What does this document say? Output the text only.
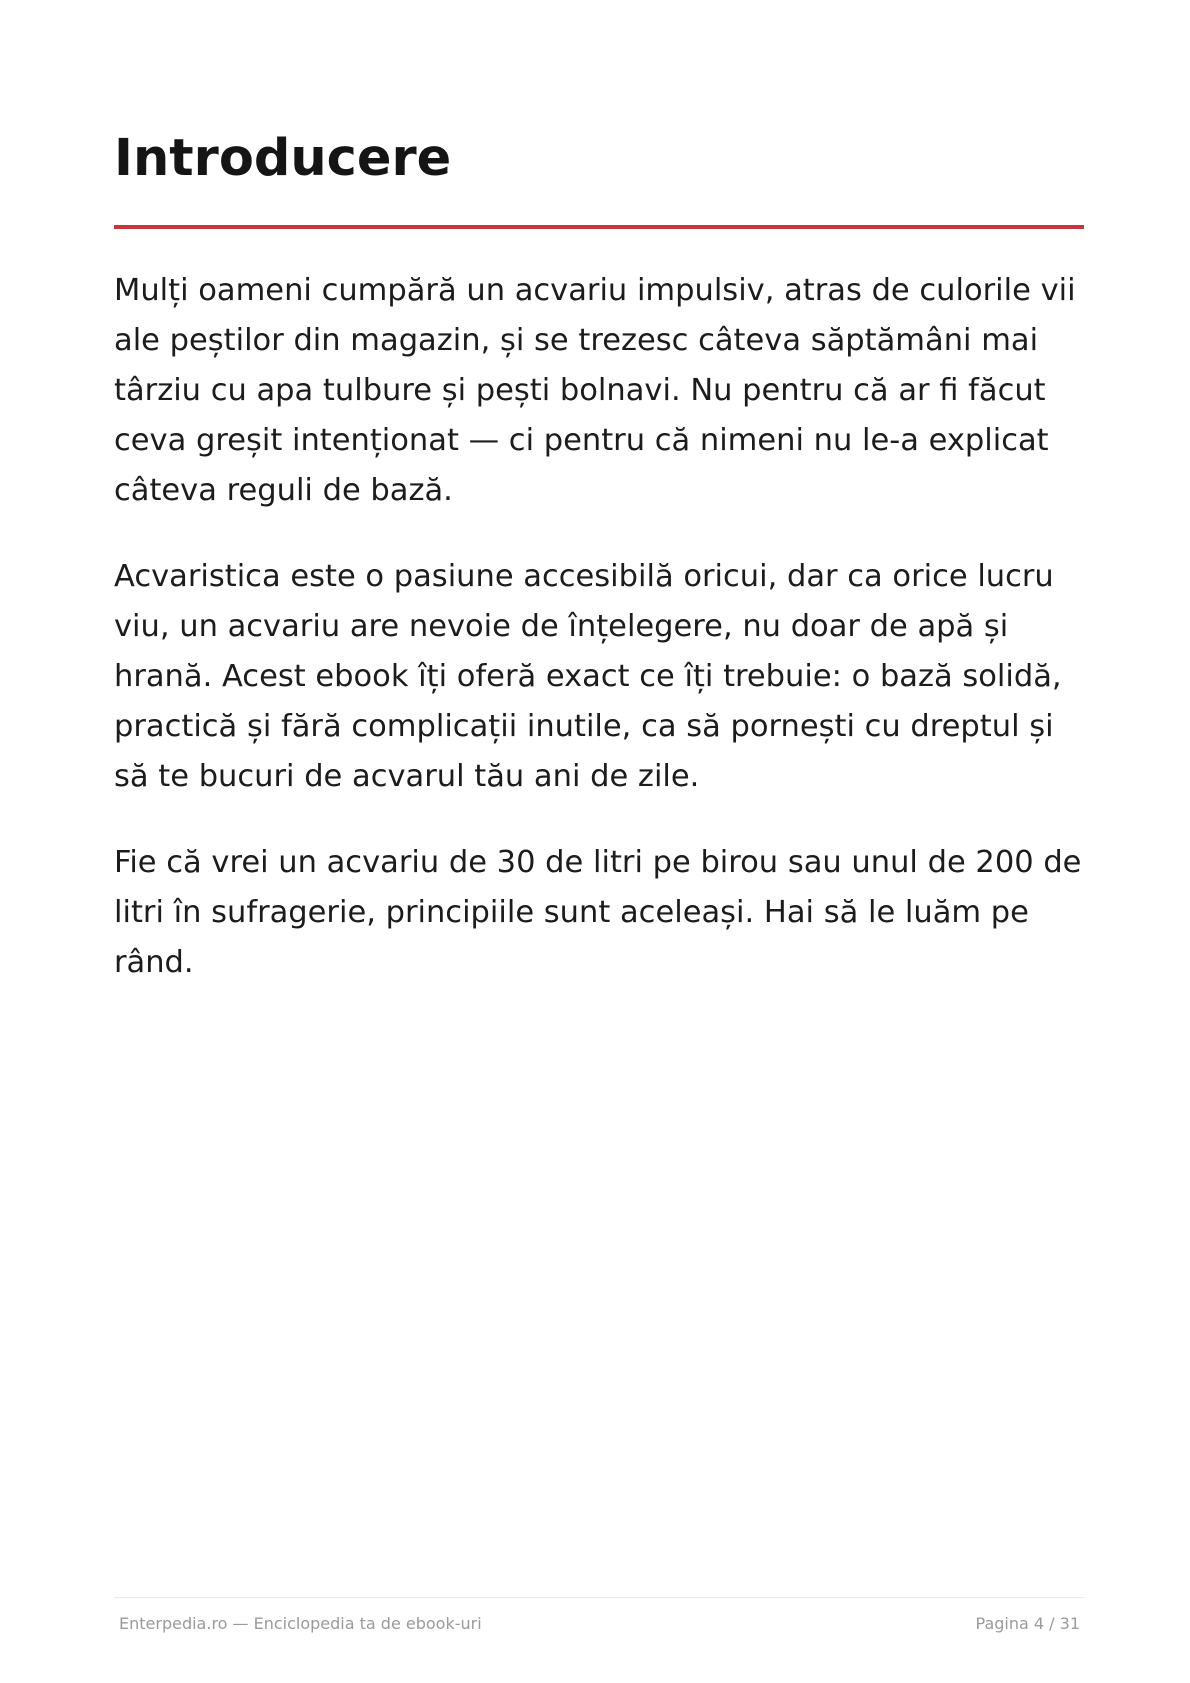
Introducere

Mulți oameni cumpără un acvariu impulsiv, atras de culorile vii ale peștilor din magazin, și se trezesc câteva săptămâni mai târziu cu apa tulbure și pești bolnavi. Nu pentru că ar fi făcut ceva greșit intenționat — ci pentru că nimeni nu le-a explicat câteva reguli de bază.

Acvaristica este o pasiune accesibilă oricui, dar ca orice lucru viu, un acvariu are nevoie de înțelegere, nu doar de apă și hrană. Acest ebook îți oferă exact ce îți trebuie: o bază solidă, practică și fără complicații inutile, ca să pornești cu dreptul și să te bucuri de acvarul tău ani de zile.

Fie că vrei un acvariu de 30 de litri pe birou sau unul de 200 de litri în sufragerie, principiile sunt aceleași. Hai să le luăm pe rând.

Enterpedia.ro — Enciclopedia ta de ebook-uri	Pagina 4 / 31
